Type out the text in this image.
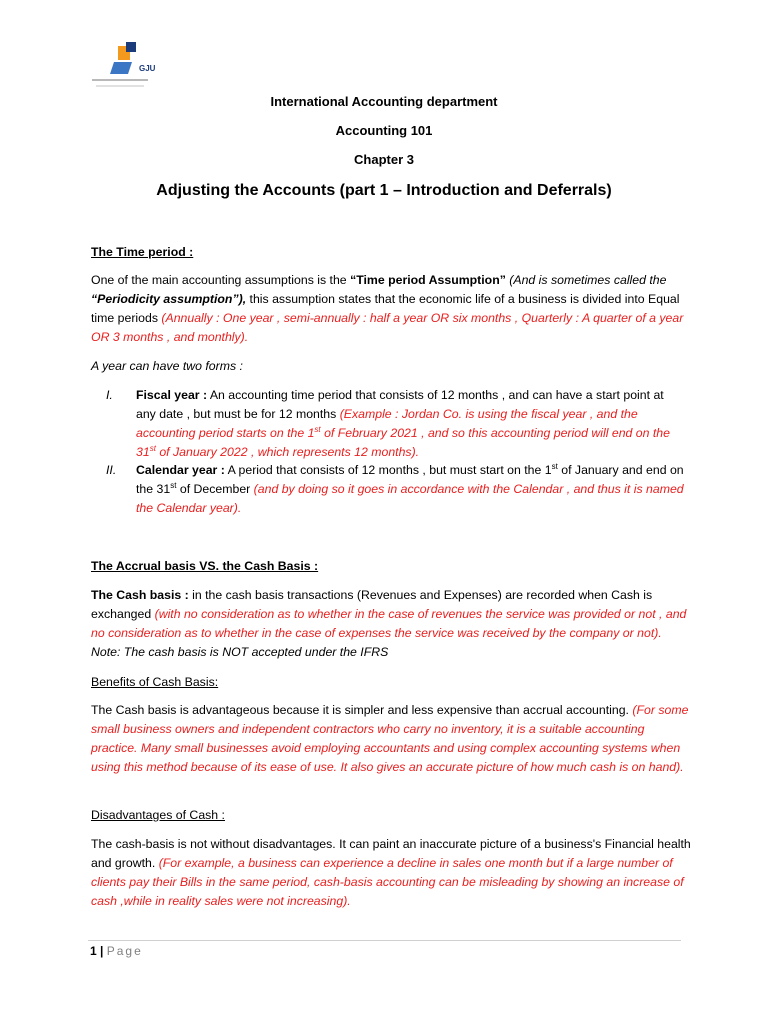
GJU
International Accounting department
Accounting 101
Chapter 3
Adjusting the Accounts (part 1 – Introduction and Deferrals)
The Time period :
One of the main accounting assumptions is the “Time period Assumption” (And is sometimes called the “Periodicity assumption”), this assumption states that the economic life of a business is divided into Equal time periods (Annually : One year , semi-annually : half a year OR six months , Quarterly : A quarter of a year OR 3 months , and monthly).
A year can have two forms :
I. Fiscal year : An accounting time period that consists of 12 months , and can have a start point at any date , but must be for 12 months (Example : Jordan Co. is using the fiscal year , and the accounting period starts on the 1st of February 2021 , and so this accounting period will end on the 31st of January 2022 , which represents 12 months).
II. Calendar year : A period that consists of 12 months , but must start on the 1st of January and end on the 31st of December (and by doing so it goes in accordance with the Calendar , and thus it is named the Calendar year).
The Accrual basis VS. the Cash Basis :
The Cash basis : in the cash basis transactions (Revenues and Expenses) are recorded when Cash is exchanged (with no consideration as to whether in the case of revenues the service was provided or not , and no consideration as to whether in the case of expenses the service was received by the company or not). Note: The cash basis is NOT accepted under the IFRS
Benefits of Cash Basis:
The Cash basis is advantageous because it is simpler and less expensive than accrual accounting. (For some small business owners and independent contractors who carry no inventory, it is a suitable accounting practice. Many small businesses avoid employing accountants and using complex accounting systems when using this method because of its ease of use. It also gives an accurate picture of how much cash is on hand).
Disadvantages of Cash :
The cash-basis is not without disadvantages. It can paint an inaccurate picture of a business's Financial health and growth. (For example, a business can experience a decline in sales one month but if a large number of clients pay their Bills in the same period, cash-basis accounting can be misleading by showing an increase of cash ,while in reality sales were not increasing).
1 | Page
